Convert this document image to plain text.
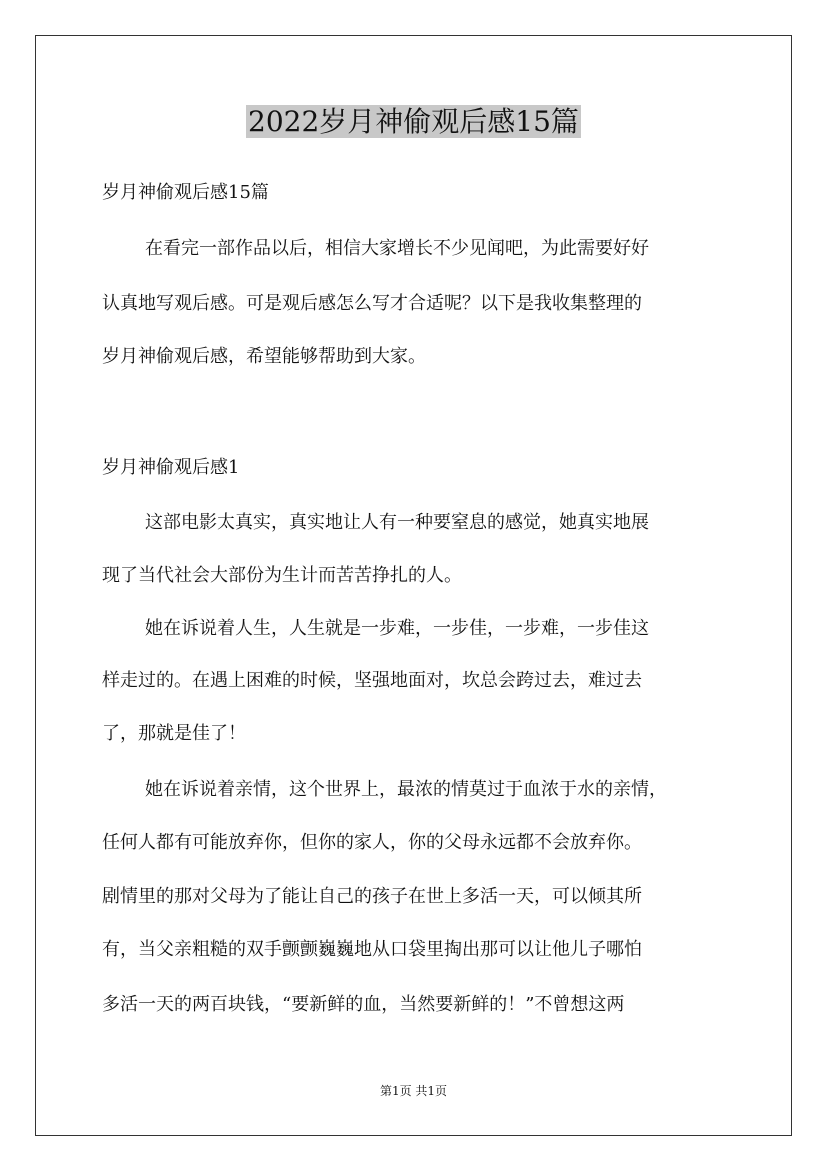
2022岁月神偷观后感15篇
岁月神偷观后感15篇
在看完一部作品以后，相信大家增长不少见闻吧，为此需要好好
认真地写观后感。可是观后感怎么写才合适呢？以下是我收集整理的
岁月神偷观后感，希望能够帮助到大家。
岁月神偷观后感1
这部电影太真实，真实地让人有一种要窒息的感觉，她真实地展
现了当代社会大部份为生计而苦苦挣扎的人。
她在诉说着人生，人生就是一步难，一步佳，一步难，一步佳这
样走过的。在遇上困难的时候，坚强地面对，坎总会跨过去，难过去
了，那就是佳了！
她在诉说着亲情，这个世界上，最浓的情莫过于血浓于水的亲情，
任何人都有可能放弃你，但你的家人，你的父母永远都不会放弃你。
剧情里的那对父母为了能让自己的孩子在世上多活一天，可以倾其所
有，当父亲粗糙的双手颤颤巍巍地从口袋里掏出那可以让他儿子哪怕
多活一天的两百块钱，“要新鲜的血，当然要新鲜的！”不曾想这两
第1页 共1页
